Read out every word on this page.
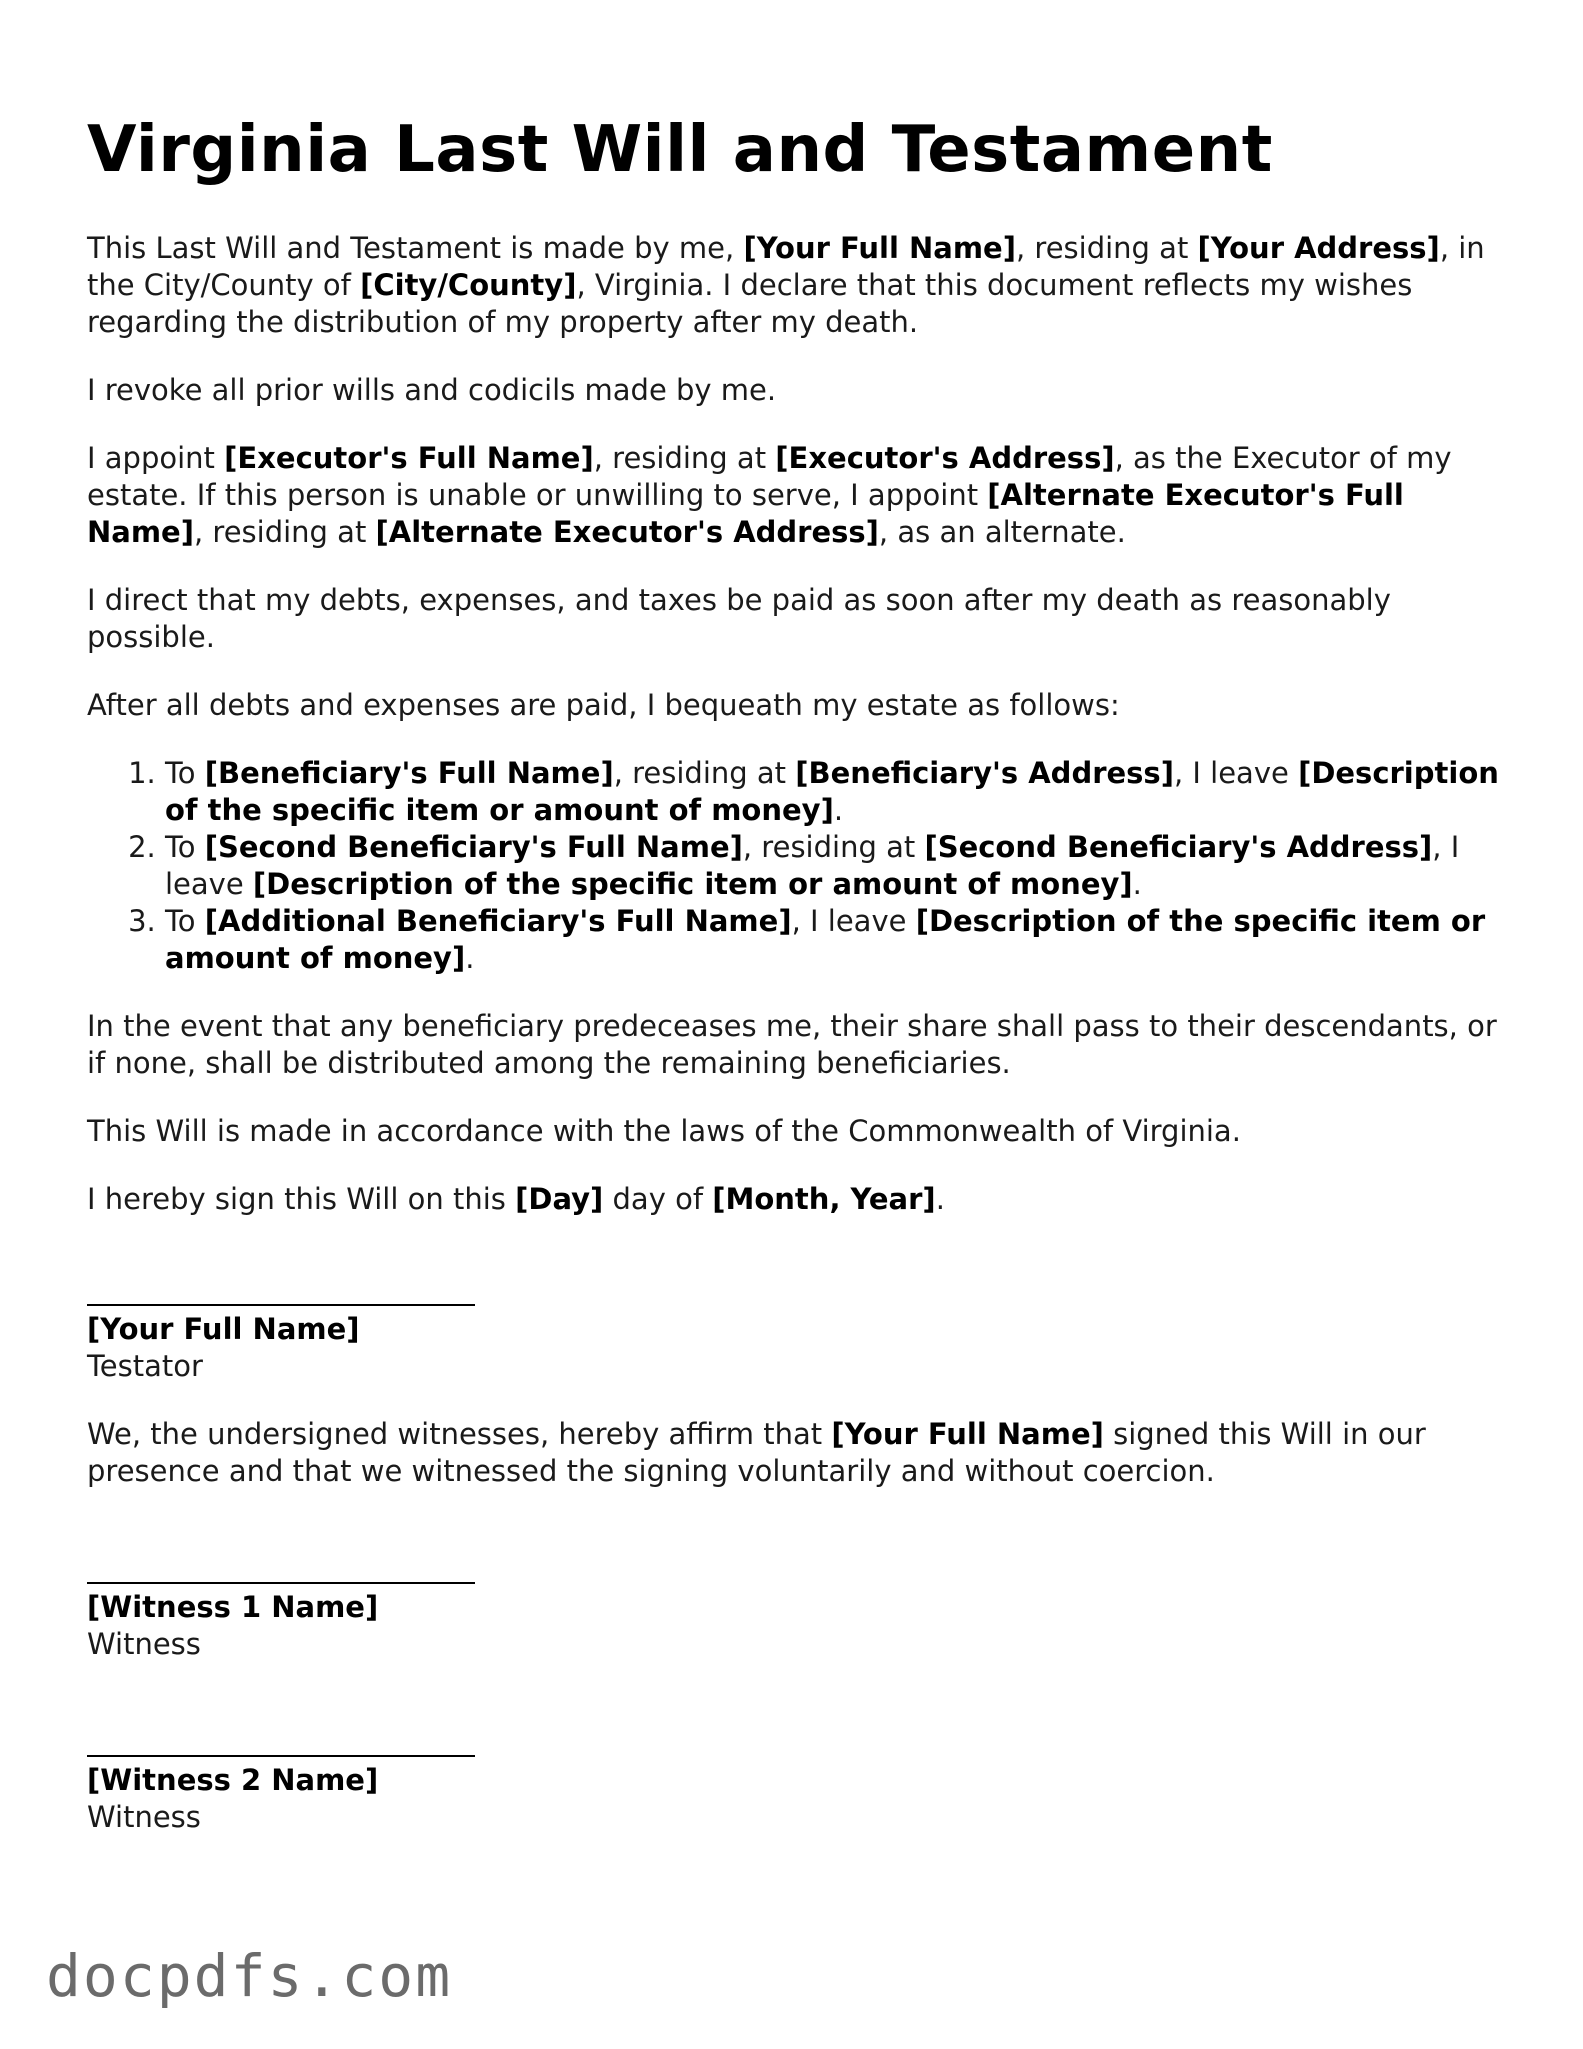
Virginia Last Will and Testament

This Last Will and Testament is made by me, [Your Full Name], residing at [Your Address], in the City/County of [City/County], Virginia. I declare that this document reflects my wishes regarding the distribution of my property after my death.

I revoke all prior wills and codicils made by me.

I appoint [Executor's Full Name], residing at [Executor's Address], as the Executor of my estate. If this person is unable or unwilling to serve, I appoint [Alternate Executor's Full Name], residing at [Alternate Executor's Address], as an alternate.

I direct that my debts, expenses, and taxes be paid as soon after my death as reasonably possible.

After all debts and expenses are paid, I bequeath my estate as follows:

1. To [Beneficiary's Full Name], residing at [Beneficiary's Address], I leave [Description of the specific item or amount of money].
2. To [Second Beneficiary's Full Name], residing at [Second Beneficiary's Address], I leave [Description of the specific item or amount of money].
3. To [Additional Beneficiary's Full Name], I leave [Description of the specific item or amount of money].

In the event that any beneficiary predeceases me, their share shall pass to their descendants, or if none, shall be distributed among the remaining beneficiaries.

This Will is made in accordance with the laws of the Commonwealth of Virginia.

I hereby sign this Will on this [Day] day of [Month, Year].

[Your Full Name]
Testator

We, the undersigned witnesses, hereby affirm that [Your Full Name] signed this Will in our presence and that we witnessed the signing voluntarily and without coercion.

[Witness 1 Name]
Witness
[Witness 2 Name]
Witness
docpdfs.com
